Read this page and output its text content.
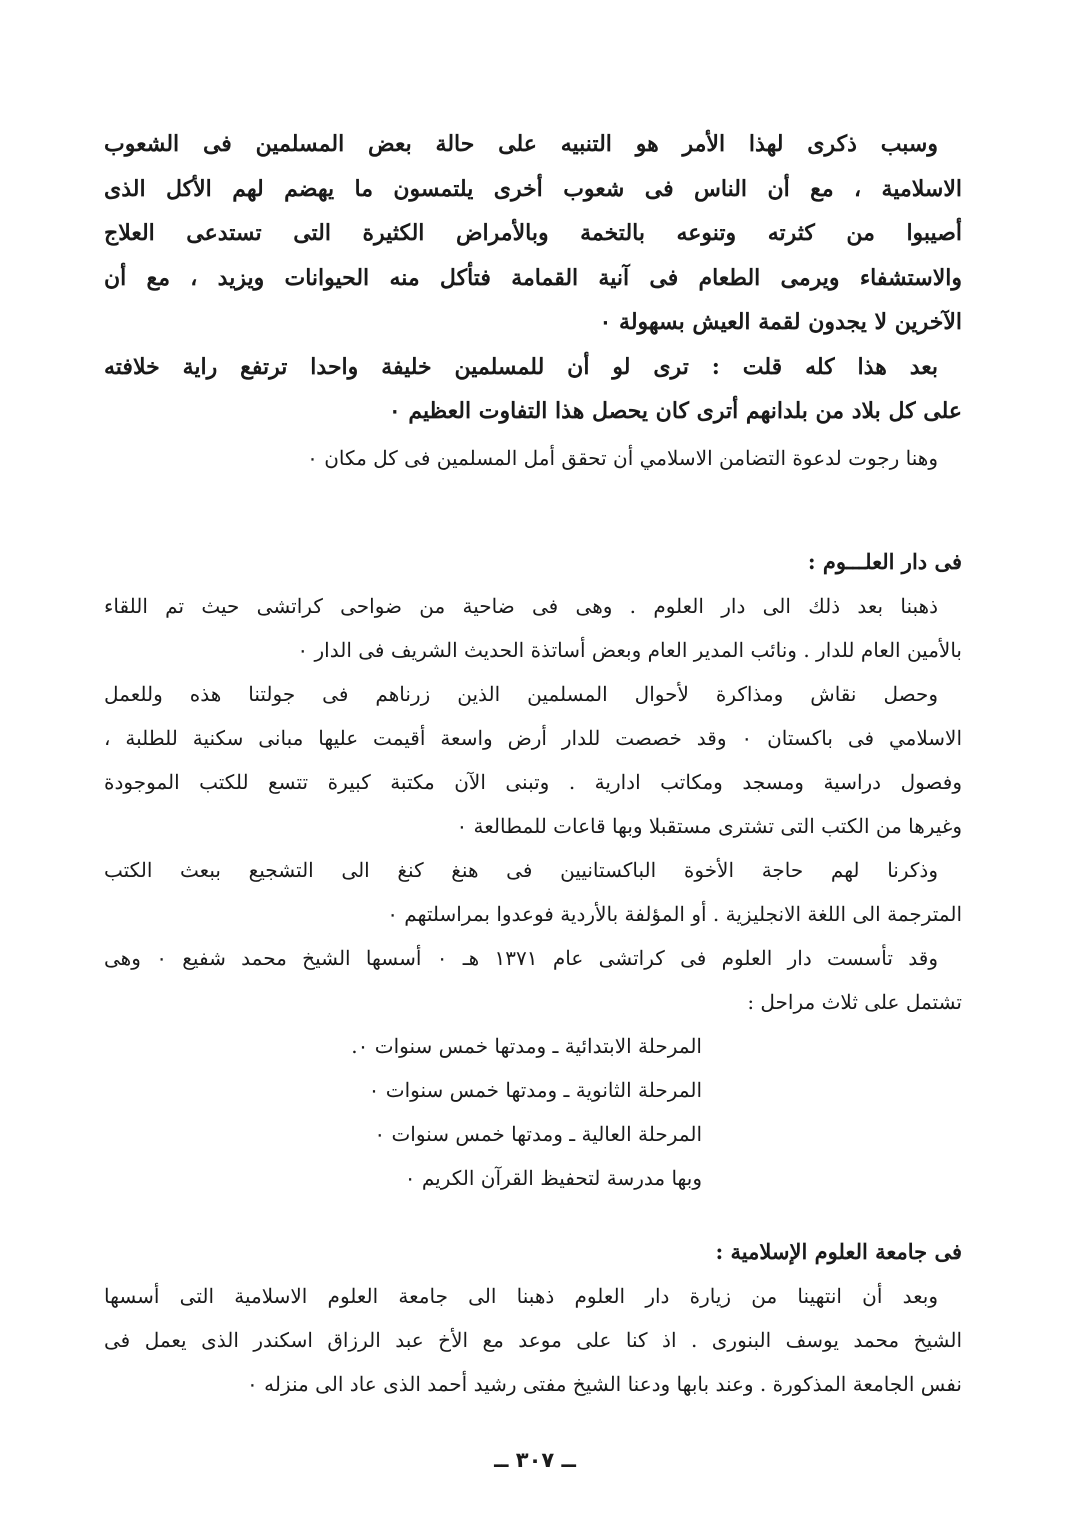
وسبب ذكرى لهذا الأمر هو التنبيه على حالة بعض المسلمين فى الشعوب
الاسلامية ، مع أن الناس فى شعوب أخرى يلتمسون ما يهضم لهم الأكل الذى
أصيبوا من كثرته وتنوعه بالتخمة وبالأمراض الكثيرة التى تستدعى العلاج
والاستشفاء ويرمى الطعام فى آنية القمامة فتأكل منه الحيوانات ويزيد ، مع أن
الآخرين لا يجدون لقمة العيش بسهولة ٠
بعد هذا كله قلت : ترى لو أن للمسلمين خليفة واحدا ترتفع راية خلافته
على كل بلاد من بلدانهم أترى كان يحصل هذا التفاوت العظيم ٠
وهنا رجوت لدعوة التضامن الاسلامي أن تحقق أمل المسلمين فى كل مكان ٠
فى دار العلـــوم :
ذهبنا بعد ذلك الى دار العلوم . وهى فى ضاحية من ضواحى كراتشى حيث تم اللقاء
بالأمين العام للدار . ونائب المدير العام وبعض أساتذة الحديث الشريف فى الدار ٠
وحصل نقاش ومذاكرة لأحوال المسلمين الذين زرناهم فى جولتنا هذه وللعمل
الاسلامي فى باكستان ٠ وقد خصصت للدار أرض واسعة أقيمت عليها مبانى سكنية للطلبة ،
وفصول دراسية ومسجد ومكاتب ادارية . وتبنى الآن مكتبة كبيرة تتسع للكتب الموجودة
وغيرها من الكتب التى تشترى مستقبلا وبها قاعات للمطالعة ٠
وذكرنا لهم حاجة الأخوة الباكستانيين فى هنغ كنغ الى التشجيع ببعث الكتب
المترجمة الى اللغة الانجليزية . أو المؤلفة بالأردية فوعدوا بمراسلتهم ٠
وقد تأسست دار العلوم فى كراتشى عام ١٣٧١ هـ ٠ أسسها الشيخ محمد شفيع ٠ وهى
تشتمل على ثلاث مراحل :
المرحلة الابتدائية ـ ومدتها خمس سنوات ٠.
المرحلة الثانوية ـ ومدتها خمس سنوات ٠
المرحلة العالية ـ ومدتها خمس سنوات ٠
وبها مدرسة لتحفيظ القرآن الكريم ٠
فى جامعة العلوم الإسلامية :
وبعد أن انتهينا من زيارة دار العلوم ذهبنا الى جامعة العلوم الاسلامية التى أسسها
الشيخ محمد يوسف البنورى . اذ كنا على موعد مع الأخ عبد الرزاق اسكندر الذى يعمل فى
نفس الجامعة المذكورة . وعند بابها ودعنا الشيخ مفتى رشيد أحمد الذى عاد الى منزله ٠
ــ ٣٠٧ ــ
